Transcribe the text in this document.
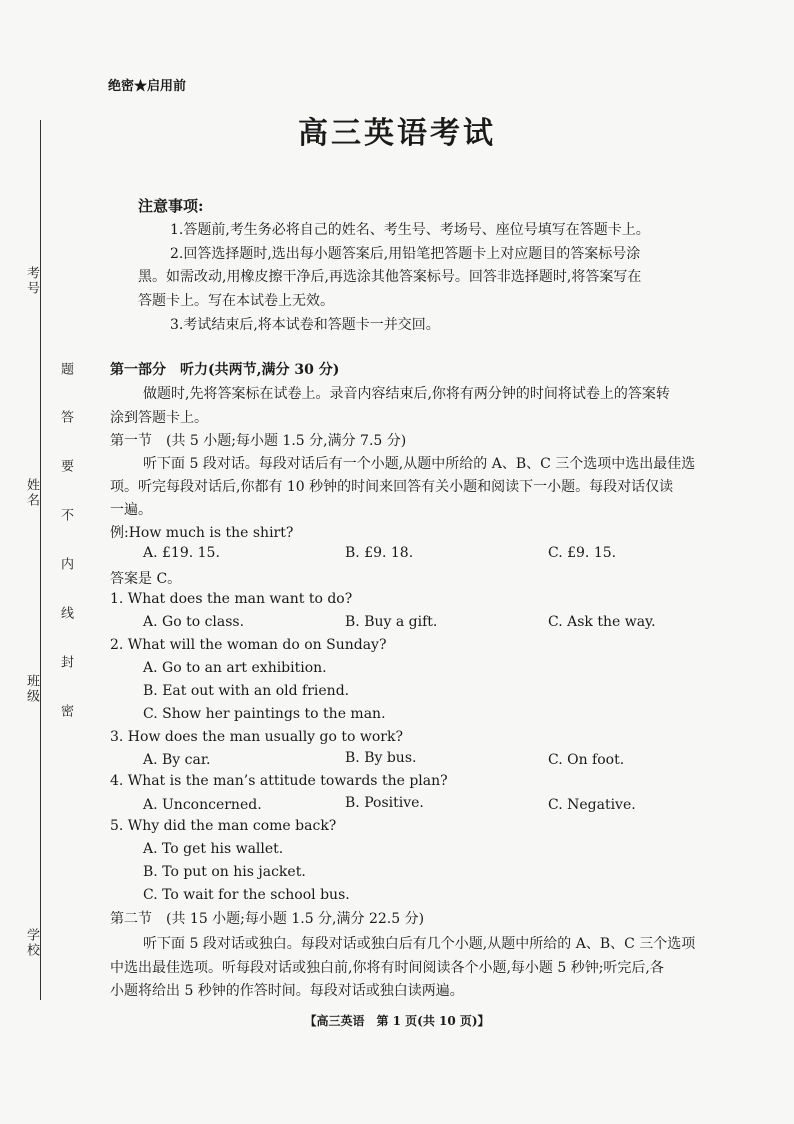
考号
姓名
班级
学校
题
答
要
不
内
线
封
密
绝密★启用前
高三英语考试
注意事项:
1.答题前,考生务必将自己的姓名、考生号、考场号、座位号填写在答题卡上。
2.回答选择题时,选出每小题答案后,用铅笔把答题卡上对应题目的答案标号涂
黑。如需改动,用橡皮擦干净后,再选涂其他答案标号。回答非选择题时,将答案写在
答题卡上。写在本试卷上无效。
3.考试结束后,将本试卷和答题卡一并交回。
第一部分　听力(共两节,满分 30 分)
做题时,先将答案标在试卷上。录音内容结束后,你将有两分钟的时间将试卷上的答案转
涂到答题卡上。
第一节　(共 5 小题;每小题 1.5 分,满分 7.5 分)
听下面 5 段对话。每段对话后有一个小题,从题中所给的 A、B、C 三个选项中选出最佳选
项。听完每段对话后,你都有 10 秒钟的时间来回答有关小题和阅读下一小题。每段对话仅读
一遍。
例:How much is the shirt?
A. £19. 15.	B. £9. 18.	C. £9. 15.
答案是 C。
1. What does the man want to do?
A. Go to class.	B. Buy a gift.	C. Ask the way.
2. What will the woman do on Sunday?
A. Go to an art exhibition.
B. Eat out with an old friend.
C. Show her paintings to the man.
3. How does the man usually go to work?
A. By car.	B. By bus.	C. On foot.
4. What is the man’s attitude towards the plan?
A. Unconcerned.	B. Positive.	C. Negative.
5. Why did the man come back?
A. To get his wallet.
B. To put on his jacket.
C. To wait for the school bus.
第二节　(共 15 小题;每小题 1.5 分,满分 22.5 分)
听下面 5 段对话或独白。每段对话或独白后有几个小题,从题中所给的 A、B、C 三个选项
中选出最佳选项。听每段对话或独白前,你将有时间阅读各个小题,每小题 5 秒钟;听完后,各
小题将给出 5 秒钟的作答时间。每段对话或独白读两遍。
【高三英语　第 1 页(共 10 页)】
